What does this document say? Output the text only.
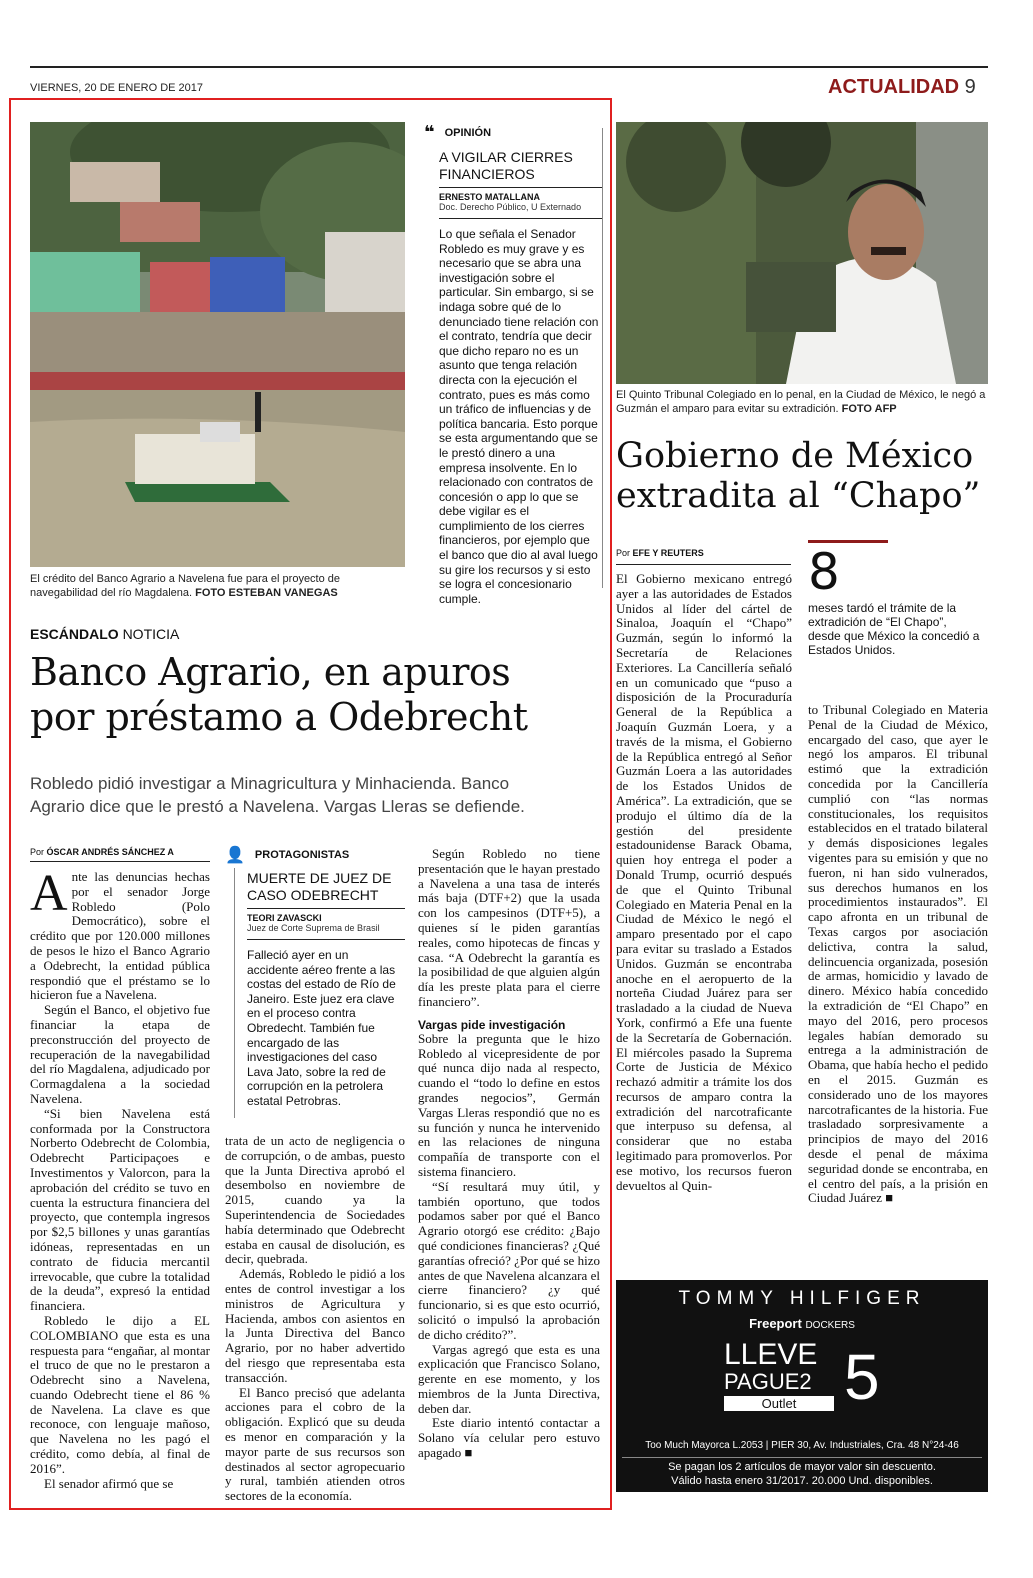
VIERNES, 20 DE ENERO DE 2017	ACTUALIDAD 9
El crédito del Banco Agrario a Navelena fue para el proyecto de navegabilidad del río Magdalena. FOTO ESTEBAN VANEGAS
❝ OPINIÓN
A VIGILAR CIERRES FINANCIEROS
ERNESTO MATALLANA
Doc. Derecho Público, U Externado
Lo que señala el Senador Robledo es muy grave y es necesario que se abra una investigación sobre el particular. Sin embargo, si se indaga sobre qué de lo denunciado tiene relación con el contrato, tendría que decir que dicho reparo no es un asunto que tenga relación directa con la ejecución el contrato, pues es más como un tráfico de influencias y de política bancaria. Esto porque se esta argumentando que se le prestó dinero a una empresa insolvente. En lo relacionado con contratos de concesión o app lo que se debe vigilar es el cumplimiento de los cierres financieros, por ejemplo que el banco que dio al aval luego su gire los recursos y si esto se logra el concesionario cumple.
ESCÁNDALO NOTICIA
Banco Agrario, en apuros
por préstamo a Odebrecht
Robledo pidió investigar a Minagricultura y Minhacienda. Banco
Agrario dice que le prestó a Navelena. Vargas Lleras se defiende.
Por ÓSCAR ANDRÉS SÁNCHEZ A
Ante las denuncias hechas por el senador Jorge Robledo (Polo Democrático), sobre el crédito que por 120.000 millones de pesos le hizo el Banco Agrario a Odebrecht, la entidad pública respondió que el préstamo se lo hicieron fue a Navelena.
Según el Banco, el objetivo fue financiar la etapa de preconstrucción del proyecto de recuperación de la navegabilidad del río Magdalena, adjudicado por Cormagdalena a la sociedad Navelena.
“Si bien Navelena está conformada por la Constructora Norberto Odebrecht de Colombia, Odebrecht Participaçoes e Investimentos y Valorcon, para la aprobación del crédito se tuvo en cuenta la estructura financiera del proyecto, que contempla ingresos por $2,5 billones y unas garantías idóneas, representadas en un contrato de fiducia mercantil irrevocable, que cubre la totalidad de la deuda”, expresó la entidad financiera.
Robledo le dijo a EL COLOMBIANO que esta es una respuesta para “engañar, al montar el truco de que no le prestaron a Odebrecht sino a Navelena, cuando Odebrecht tiene el 86 % de Navelena. La clave es que reconoce, con lenguaje mañoso, que Navelena no les pagó el crédito, como debía, al final de 2016”.
El senador afirmó que se
👤 PROTAGONISTAS
MUERTE DE JUEZ DE CASO ODEBRECHT
TEORI ZAVASCKI
Juez de Corte Suprema de Brasil
Falleció ayer en un accidente aéreo frente a las costas del estado de Río de Janeiro. Este juez era clave en el proceso contra Obredecht. También fue encargado de las investigaciones del caso Lava Jato, sobre la red de corrupción en la petrolera estatal Petrobras.
trata de un acto de negligencia o de corrupción, o de ambas, puesto que la Junta Directiva aprobó el desembolso en noviembre de 2015, cuando ya la Superintendencia de Sociedades había determinado que Odebrecht estaba en causal de disolución, es decir, quebrada.
Además, Robledo le pidió a los entes de control investigar a los ministros de Agricultura y Hacienda, ambos con asientos en la Junta Directiva del Banco Agrario, por no haber advertido del riesgo que representaba esta transacción.
El Banco precisó que adelanta acciones para el cobro de la obligación. Explicó que su deuda es menor en comparación y la mayor parte de sus recursos son destinados al sector agropecuario y rural, también atienden otros sectores de la economía.
Según Robledo no tiene presentación que le hayan prestado a Navelena a una tasa de interés más baja (DTF+2) que la usada con los campesinos (DTF+5), a quienes sí le piden garantías reales, como hipotecas de fincas y casa. “A Odebrecht la garantía es la posibilidad de que alguien algún día les preste plata para el cierre financiero”.
Vargas pide investigación
Sobre la pregunta que le hizo Robledo al vicepresidente de por qué nunca dijo nada al respecto, cuando el “todo lo define en estos grandes negocios”, Germán Vargas Lleras respondió que no es su función y nunca he intervenido en las relaciones de ninguna compañía de transporte con el sistema financiero.
“Sí resultará muy útil, y también oportuno, que todos podamos saber por qué el Banco Agrario otorgó ese crédito: ¿Bajo qué condiciones financieras? ¿Qué garantías ofreció? ¿Por qué se hizo antes de que Navelena alcanzara el cierre financiero? ¿y qué funcionario, si es que esto ocurrió, solicitó o impulsó la aprobación de dicho crédito?”.
Vargas agregó que esta es una explicación que Francisco Solano, gerente en ese momento, y los miembros de la Junta Directiva, deben dar.
Este diario intentó contactar a Solano vía celular pero estuvo apagado ■
El Quinto Tribunal Colegiado en lo penal, en la Ciudad de México, le negó a Guzmán el amparo para evitar su extradición. FOTO AFP
Gobierno de México
extradita al “Chapo”
Por EFE Y REUTERS	8
meses tardó el trámite de la extradición de “El Chapo”, desde que México la concedió a Estados Unidos.
El Gobierno mexicano entregó ayer a las autoridades de Estados Unidos al líder del cártel de Sinaloa, Joaquín el “Chapo” Guzmán, según lo informó la Secretaría de Relaciones Exteriores. La Cancillería señaló en un comunicado que “puso a disposición de la Procuraduría General de la República a Joaquín Guzmán Loera, y a través de la misma, el Gobierno de la República entregó al Señor Guzmán Loera a las autoridades de los Estados Unidos de América”. La extradición, que se produjo el último día de la gestión del presidente estadounidense Barack Obama, quien hoy entrega el poder a Donald Trump, ocurrió después de que el Quinto Tribunal Colegiado en Materia Penal en la Ciudad de México le negó el amparo presentado por el capo para evitar su traslado a Estados Unidos. Guzmán se encontraba anoche en el aeropuerto de la norteña Ciudad Juárez para ser trasladado a la ciudad de Nueva York, confirmó a Efe una fuente de la Secretaría de Gobernación. El miércoles pasado la Suprema Corte de Justicia de México rechazó admitir a trámite los dos recursos de amparo contra la extradición del narcotraficante que interpuso su defensa, al considerar que no estaba legitimado para promoverlos. Por ese motivo, los recursos fueron devueltos al Quin-
to Tribunal Colegiado en Materia Penal de la Ciudad de México, encargado del caso, que ayer le negó los amparos. El tribunal estimó que la extradición concedida por la Cancillería cumplió con “las normas constitucionales, los requisitos establecidos en el tratado bilateral y demás disposiciones legales vigentes para su emisión y que no fueron, ni han sido vulnerados, sus derechos humanos en los procedimientos instaurados”. El capo afronta en un tribunal de Texas cargos por asociación delictiva, contra la salud, delincuencia organizada, posesión de armas, homicidio y lavado de dinero. México había concedido la extradición de “El Chapo” en mayo del 2016, pero procesos legales habían demorado su entrega a la administración de Obama, que había hecho el pedido en el 2015. Guzmán es considerado uno de los mayores narcotraficantes de la historia. Fue trasladado sorpresivamente a principios de mayo del 2016 desde el penal de máxima seguridad donde se encontraba, en el centro del país, a la prisión en Ciudad Juárez ■
TOMMY HILFIGER
Freeport DOCKERS
LLEVE
PAGUE2
Outlet 5
Too Much Mayorca L.2053 | PIER 30, Av. Industriales, Cra. 48 N°24-46
Se pagan los 2 artículos de mayor valor sin descuento.
Válido hasta enero 31/2017. 20.000 Und. disponibles.
